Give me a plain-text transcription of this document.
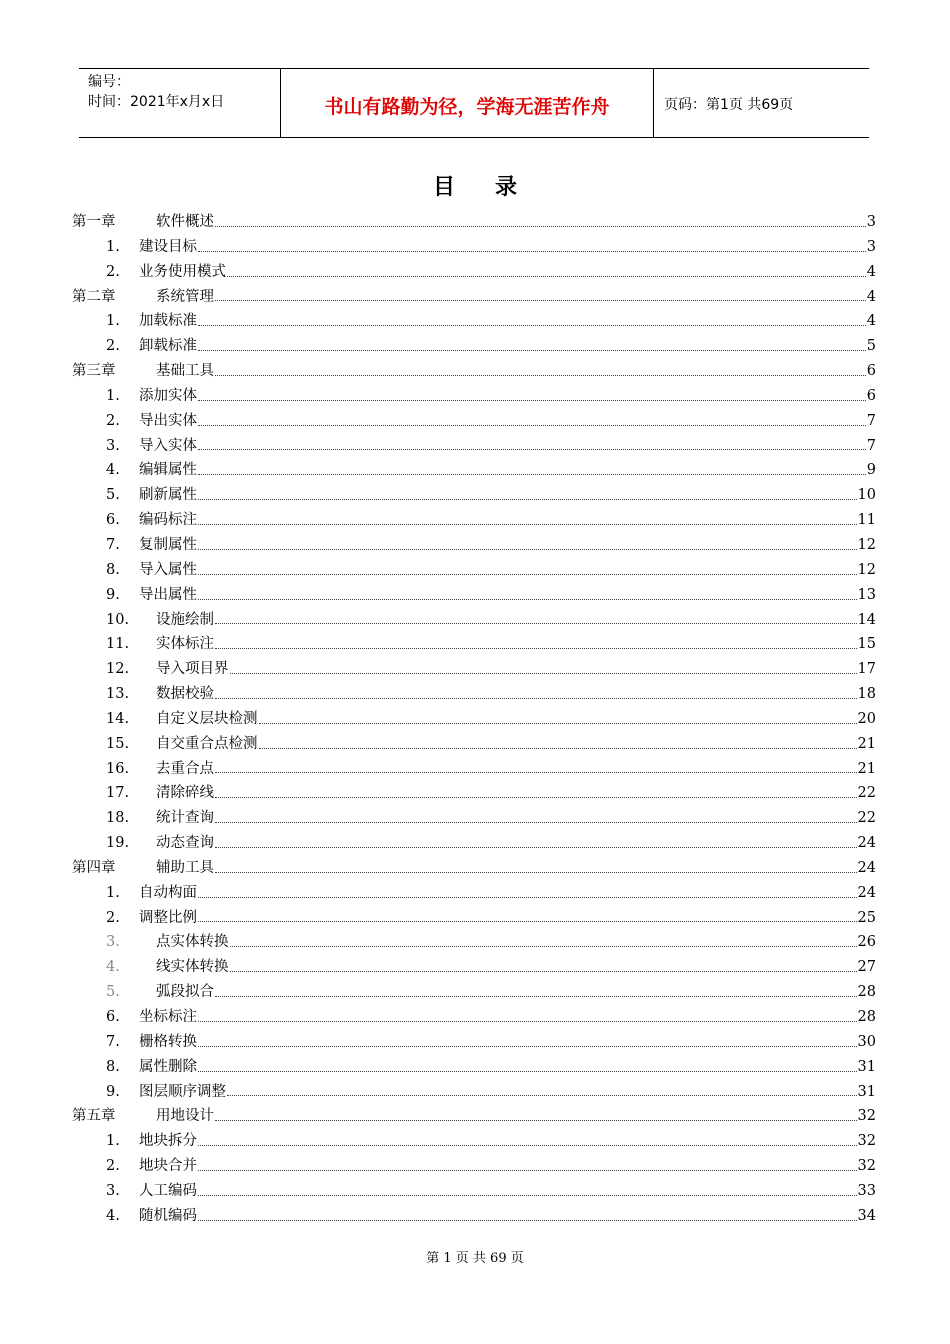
编号：
时间：2021年x月x日	书山有路勤为径，学海无涯苦作舟	页码：第1页 共69页
目录
第一章	软件概述	3
1. 建设目标	3
2. 业务使用模式	4
第二章	系统管理	4
1. 加载标准	4
2. 卸载标准	5
第三章	基础工具	6
1. 添加实体	6
2. 导出实体	7
3. 导入实体	7
4. 编辑属性	9
5. 刷新属性	10
6. 编码标注	11
7. 复制属性	12
8. 导入属性	12
9. 导出属性	13
10. 设施绘制	14
11. 实体标注	15
12. 导入项目界	17
13. 数据校验	18
14. 自定义层块检测	20
15. 自交重合点检测	21
16. 去重合点	21
17. 清除碎线	22
18. 统计查询	22
19. 动态查询	24
第四章	辅助工具	24
1. 自动构面	24
2. 调整比例	25
3. 点实体转换	26
4. 线实体转换	27
5. 弧段拟合	28
6. 坐标标注	28
7. 栅格转换	30
8. 属性删除	31
9. 图层顺序调整	31
第五章	用地设计	32
1. 地块拆分	32
2. 地块合并	32
3. 人工编码	33
4. 随机编码	34
第 1 页 共 69 页
